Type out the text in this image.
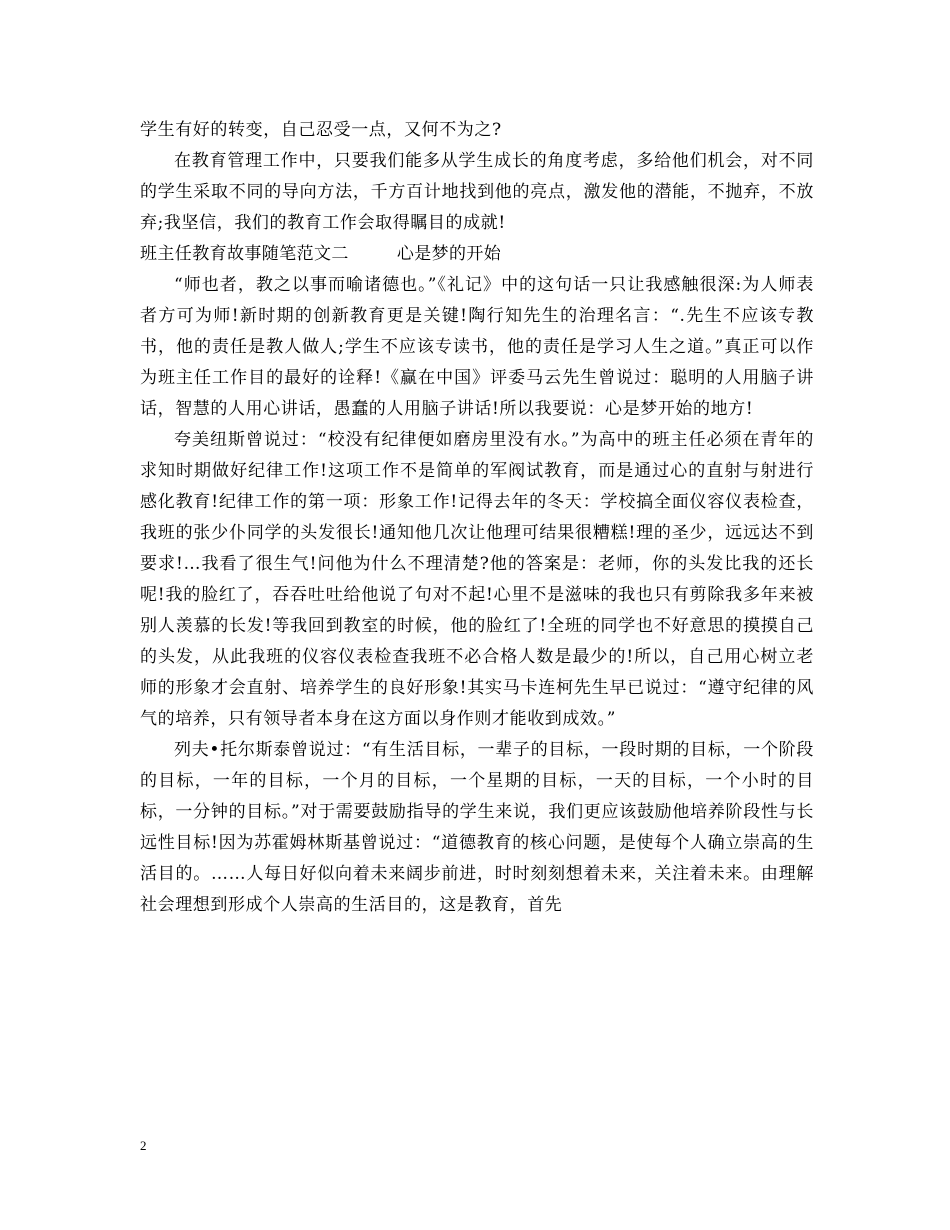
学生有好的转变，自己忍受一点，又何不为之?

在教育管理工作中，只要我们能多从学生成长的角度考虑，多给他们机会，对不同的学生采取不同的导向方法，千方百计地找到他的亮点，激发他的潜能，不抛弃，不放弃;我坚信，我们的教育工作会取得瞩目的成就!

班主任教育故事随笔范文二	心是梦的开始

“师也者，教之以事而喻诸德也。”《礼记》中的这句话一只让我感触很深:为人师表者方可为师!新时期的创新教育更是关键!陶行知先生的治理名言：“.先生不应该专教书，他的责任是教人做人;学生不应该专读书，他的责任是学习人生之道。”真正可以作为班主任工作目的最好的诠释!《赢在中国》评委马云先生曾说过：聪明的人用脑子讲话，智慧的人用心讲话，愚蠢的人用脑子讲话!所以我要说：心是梦开始的地方!

夸美纽斯曾说过：“校没有纪律便如磨房里没有水。”为高中的班主任必须在青年的求知时期做好纪律工作!这项工作不是简单的军阀试教育，而是通过心的直射与射进行感化教育!纪律工作的第一项：形象工作!记得去年的冬天：学校搞全面仪容仪表检查，我班的张少仆同学的头发很长!通知他几次让他理可结果很糟糕!理的圣少，远远达不到要求!…我看了很生气!问他为什么不理清楚?他的答案是：老师，你的头发比我的还长呢!我的脸红了，吞吞吐吐给他说了句对不起!心里不是滋味的我也只有剪除我多年来被别人羡慕的长发!等我回到教室的时候，他的脸红了!全班的同学也不好意思的摸摸自己的头发，从此我班的仪容仪表检查我班不必合格人数是最少的!所以，自己用心树立老师的形象才会直射、培养学生的良好形象!其实马卡连柯先生早已说过：“遵守纪律的风气的培养，只有领导者本身在这方面以身作则才能收到成效。”

列夫•托尔斯泰曾说过：“有生活目标，一辈子的目标，一段时期的目标，一个阶段的目标，一年的目标，一个月的目标，一个星期的目标，一天的目标，一个小时的目标，一分钟的目标。”对于需要鼓励指导的学生来说，我们更应该鼓励他培养阶段性与长远性目标!因为苏霍姆林斯基曾说过：“道德教育的核心问题，是使每个人确立崇高的生活目的。……人每日好似向着未来阔步前进，时时刻刻想着未来，关注着未来。由理解社会理想到形成个人崇高的生活目的，这是教育，首先

2
